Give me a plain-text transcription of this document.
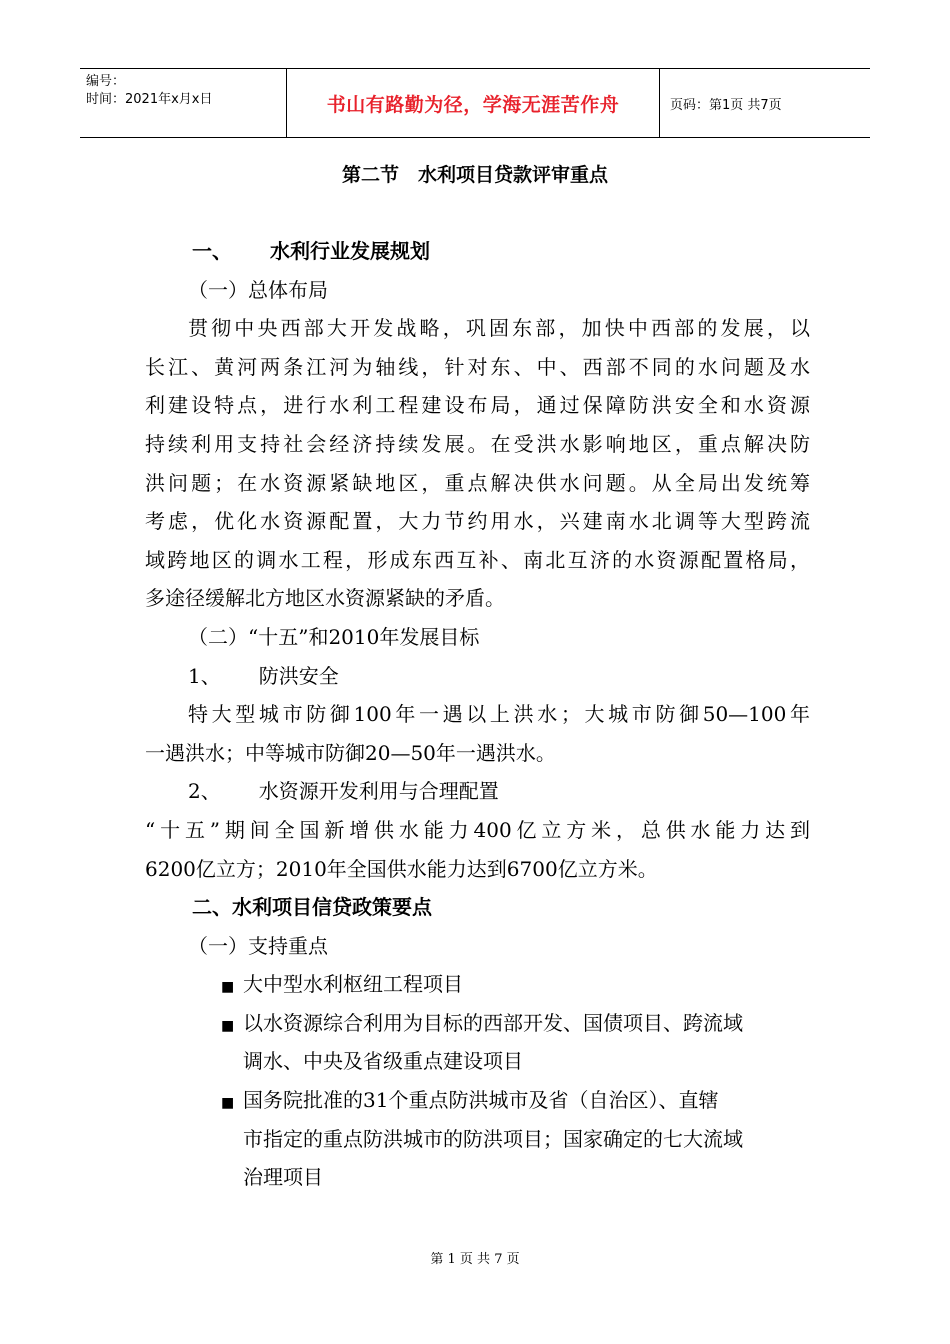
编号：
时间：2021年x月x日	书山有路勤为径，学海无涯苦作舟	页码：第1页 共7页
第二节　水利项目贷款评审重点
一、 水利行业发展规划
（一）总体布局
贯彻中央西部大开发战略，巩固东部，加快中西部的发展，以
长江、黄河两条江河为轴线，针对东、中、西部不同的水问题及水
利建设特点，进行水利工程建设布局，通过保障防洪安全和水资源
持续利用支持社会经济持续发展。在受洪水影响地区，重点解决防
洪问题；在水资源紧缺地区，重点解决供水问题。从全局出发统筹
考虑，优化水资源配置，大力节约用水，兴建南水北调等大型跨流
域跨地区的调水工程，形成东西互补、南北互济的水资源配置格局，
多途径缓解北方地区水资源紧缺的矛盾。
（二）“十五”和2010年发展目标
1、 防洪安全
特大型城市防御100年一遇以上洪水；大城市防御50—100年
一遇洪水；中等城市防御20—50年一遇洪水。
2、 水资源开发利用与合理配置
“十五”期间全国新增供水能力400亿立方米，总供水能力达到
6200亿立方；2010年全国供水能力达到6700亿立方米。
二、水利项目信贷政策要点
（一）支持重点
■ 大中型水利枢纽工程项目
■ 以水资源综合利用为目标的西部开发、国债项目、跨流域
调水、中央及省级重点建设项目
■ 国务院批准的31个重点防洪城市及省（自治区）、直辖
市指定的重点防洪城市的防洪项目；国家确定的七大流域
治理项目
第 1 页 共 7 页
